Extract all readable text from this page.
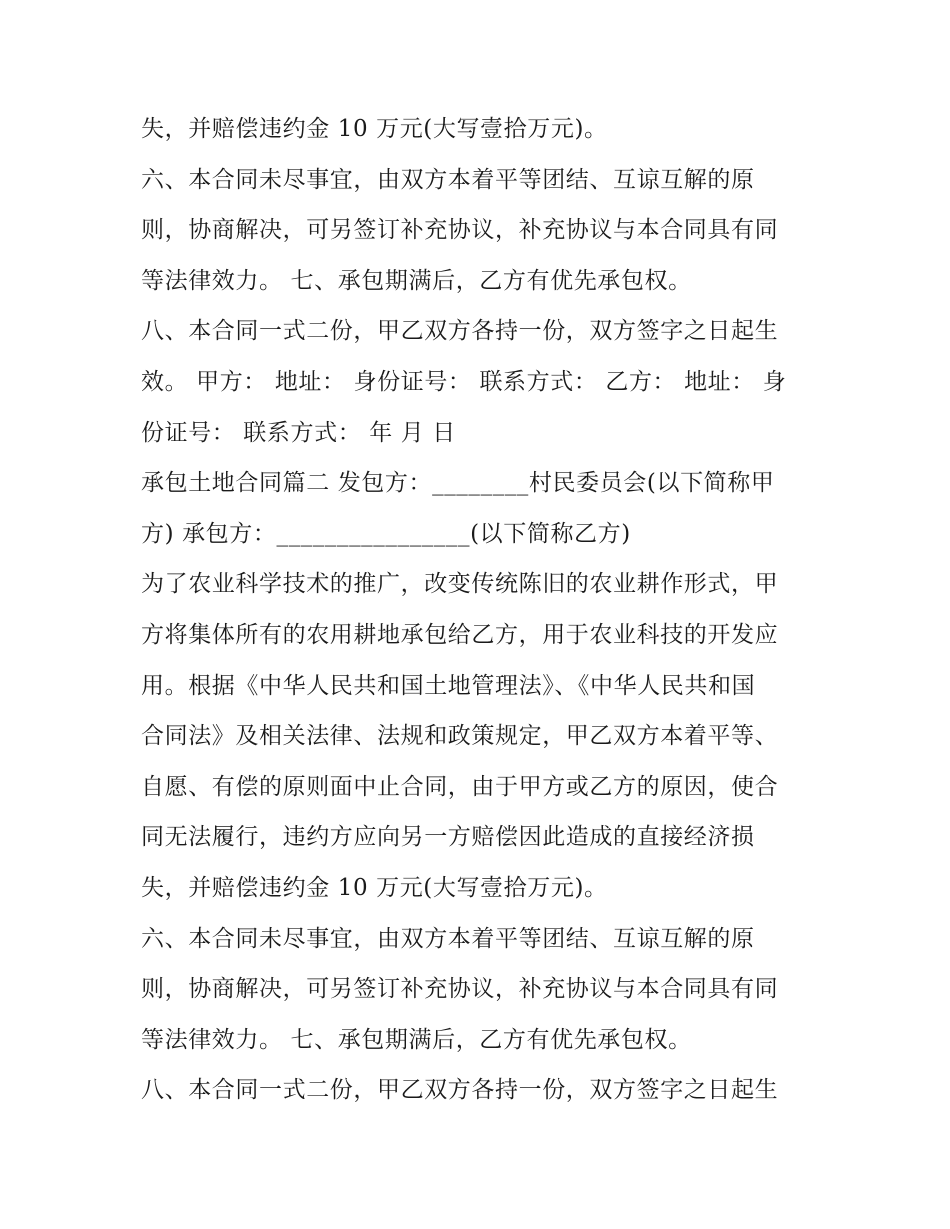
失，并赔偿违约金 10 万元(大写壹拾万元)。
六、本合同未尽事宜，由双方本着平等团结、互谅互解的原
则，协商解决，可另签订补充协议，补充协议与本合同具有同
等法律效力。 七、承包期满后，乙方有优先承包权。
八、本合同一式二份，甲乙双方各持一份，双方签字之日起生
效。 甲方： 地址： 身份证号： 联系方式： 乙方： 地址： 身
份证号： 联系方式： 年 月 日
承包土地合同篇二 发包方：________村民委员会(以下简称甲
方) 承包方：________________(以下简称乙方)
为了农业科学技术的推广，改变传统陈旧的农业耕作形式，甲
方将集体所有的农用耕地承包给乙方，用于农业科技的开发应
用。根据《中华人民共和国土地管理法》、《中华人民共和国
合同法》及相关法律、法规和政策规定，甲乙双方本着平等、
自愿、有偿的原则面中止合同，由于甲方或乙方的原因，使合
同无法履行，违约方应向另一方赔偿因此造成的直接经济损
失，并赔偿违约金 10 万元(大写壹拾万元)。
六、本合同未尽事宜，由双方本着平等团结、互谅互解的原
则，协商解决，可另签订补充协议，补充协议与本合同具有同
等法律效力。 七、承包期满后，乙方有优先承包权。
八、本合同一式二份，甲乙双方各持一份，双方签字之日起生
